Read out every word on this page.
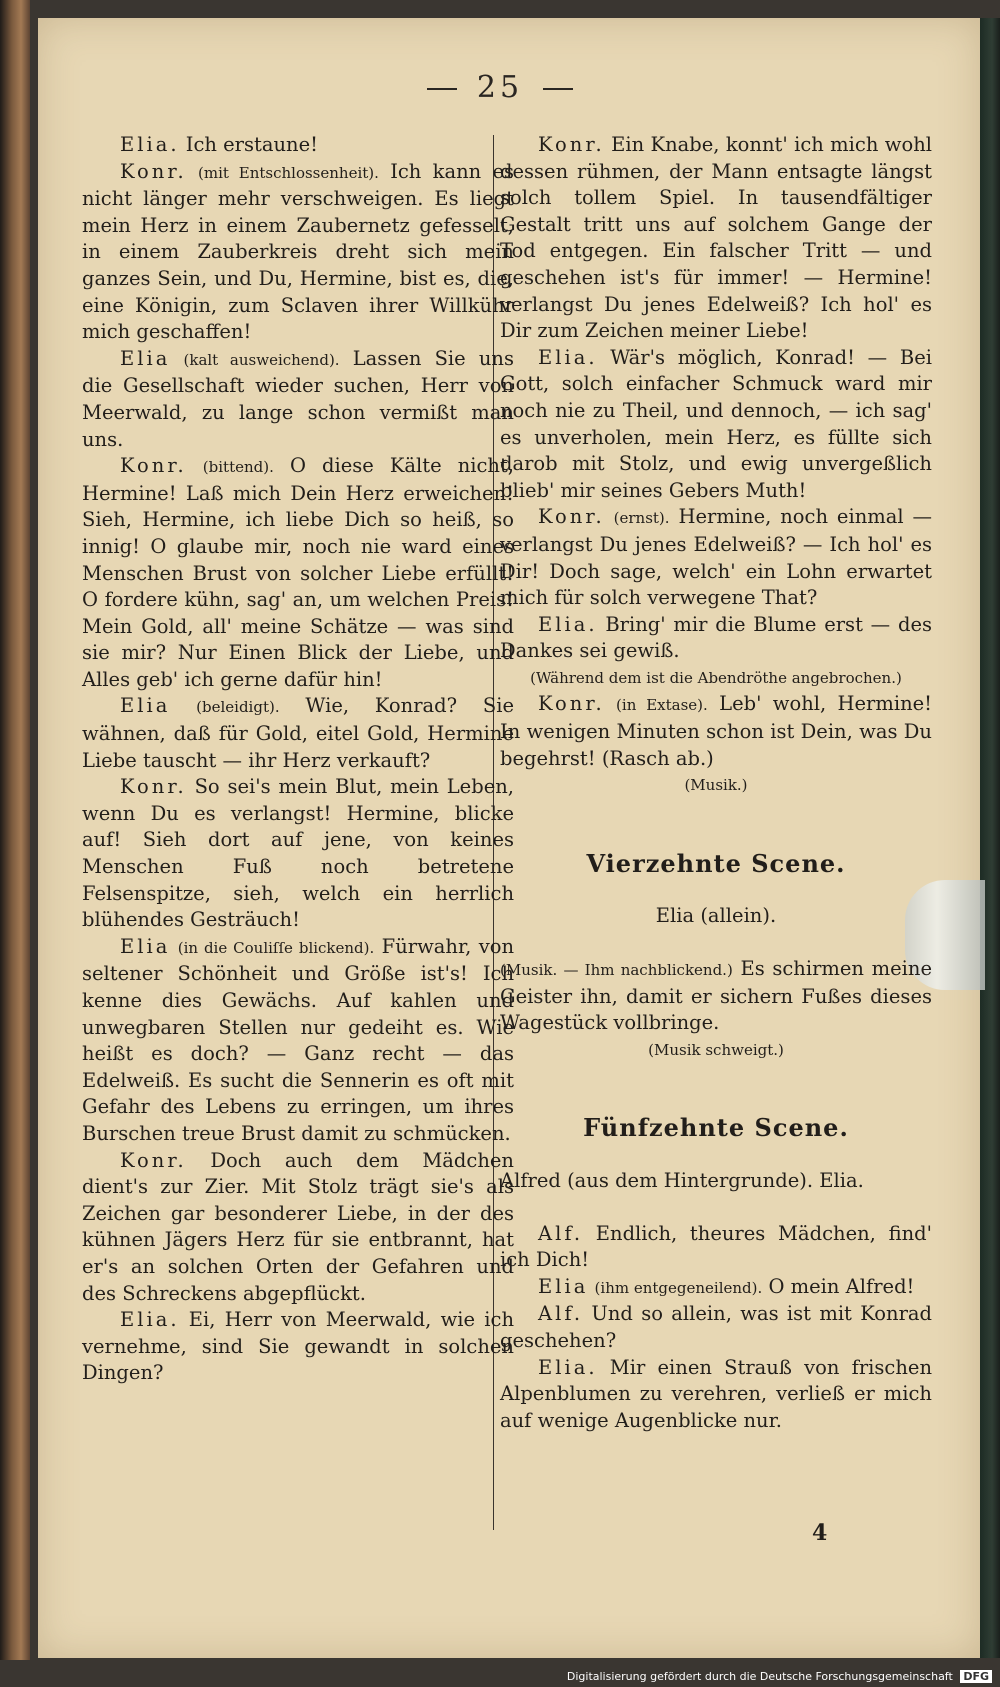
25

Elia. Ich erstaune!

Konr. (mit Entschlossenheit). Ich kann es nicht länger mehr verschweigen. Es liegt mein Herz in einem Zaubernetz gefesselt, in einem Zauberkreis dreht sich mein ganzes Sein, und Du, Hermine, bist es, die, eine Königin, zum Sclaven ihrer Willkühr mich geschaffen!

Elia (kalt ausweichend). Lassen Sie uns die Gesellschaft wieder suchen, Herr von Meerwald, zu lange schon vermißt man uns.

Konr. (bittend). O diese Kälte nicht, Hermine! Laß mich Dein Herz erweichen! Sieh, Hermine, ich liebe Dich so heiß, so innig! O glaube mir, noch nie ward eines Menschen Brust von solcher Liebe erfüllt! O fordere kühn, sag' an, um welchen Preis! Mein Gold, all' meine Schätze — was sind sie mir? Nur Einen Blick der Liebe, und Alles geb' ich gerne dafür hin!

Elia (beleidigt). Wie, Konrad? Sie wähnen, daß für Gold, eitel Gold, Hermine Liebe tauscht — ihr Herz verkauft?

Konr. So sei's mein Blut, mein Leben, wenn Du es verlangst! Hermine, blicke auf! Sieh dort auf jene, von keines Menschen Fuß noch betretene Felsenspitze, sieh, welch ein herrlich blühendes Gesträuch!

Elia (in die Couliſſe blickend). Fürwahr, von seltener Schönheit und Größe ist's! Ich kenne dies Gewächs. Auf kahlen und unwegbaren Stellen nur gedeiht es. Wie heißt es doch? — Ganz recht — das Edelweiß. Es sucht die Sennerin es oft mit Gefahr des Lebens zu erringen, um ihres Burschen treue Brust damit zu schmücken.

Konr. Doch auch dem Mädchen dient's zur Zier. Mit Stolz trägt sie's als Zeichen gar besonderer Liebe, in der des kühnen Jägers Herz für sie entbrannt, hat er's an solchen Orten der Gefahren und des Schreckens abgepflückt.

Elia. Ei, Herr von Meerwald, wie ich vernehme, sind Sie gewandt in solchen Dingen?

Konr. Ein Knabe, konnt' ich mich wohl dessen rühmen, der Mann entsagte längst solch tollem Spiel. In tausendfältiger Gestalt tritt uns auf solchem Gange der Tod entgegen. Ein falscher Tritt — und geschehen ist's für immer! — Hermine! verlangst Du jenes Edelweiß? Ich hol' es Dir zum Zeichen meiner Liebe!

Elia. Wär's möglich, Konrad! — Bei Gott, solch einfacher Schmuck ward mir noch nie zu Theil, und dennoch, — ich sag' es unverholen, mein Herz, es füllte sich darob mit Stolz, und ewig unvergeßlich blieb' mir seines Gebers Muth!

Konr. (ernst). Hermine, noch einmal — verlangst Du jenes Edelweiß? — Ich hol' es Dir! Doch sage, welch' ein Lohn erwartet mich für solch verwegene That?

Elia. Bring' mir die Blume erst — des Dankes sei gewiß.

(Während dem ist die Abendröthe angebrochen.)

Konr. (in Extase). Leb' wohl, Hermine! In wenigen Minuten schon ist Dein, was Du begehrst! (Rasch ab.)

(Musik.)

Vierzehnte Scene.

Elia (allein).

(Musik. — Ihm nachblickend.) Es schirmen meine Geister ihn, damit er sichern Fußes dieses Wagestück vollbringe.

(Musik schweigt.)

Fünfzehnte Scene.

Alfred (aus dem Hintergrunde). Elia.

Alf. Endlich, theures Mädchen, find' ich Dich!

Elia (ihm entgegeneilend). O mein Alfred!

Alf. Und so allein, was ist mit Konrad geschehen?

Elia. Mir einen Strauß von frischen Alpenblumen zu verehren, verließ er mich auf wenige Augenblicke nur.

4
Digitalisierung gefördert durch die Deutsche Forschungsgemeinschaft DFG
